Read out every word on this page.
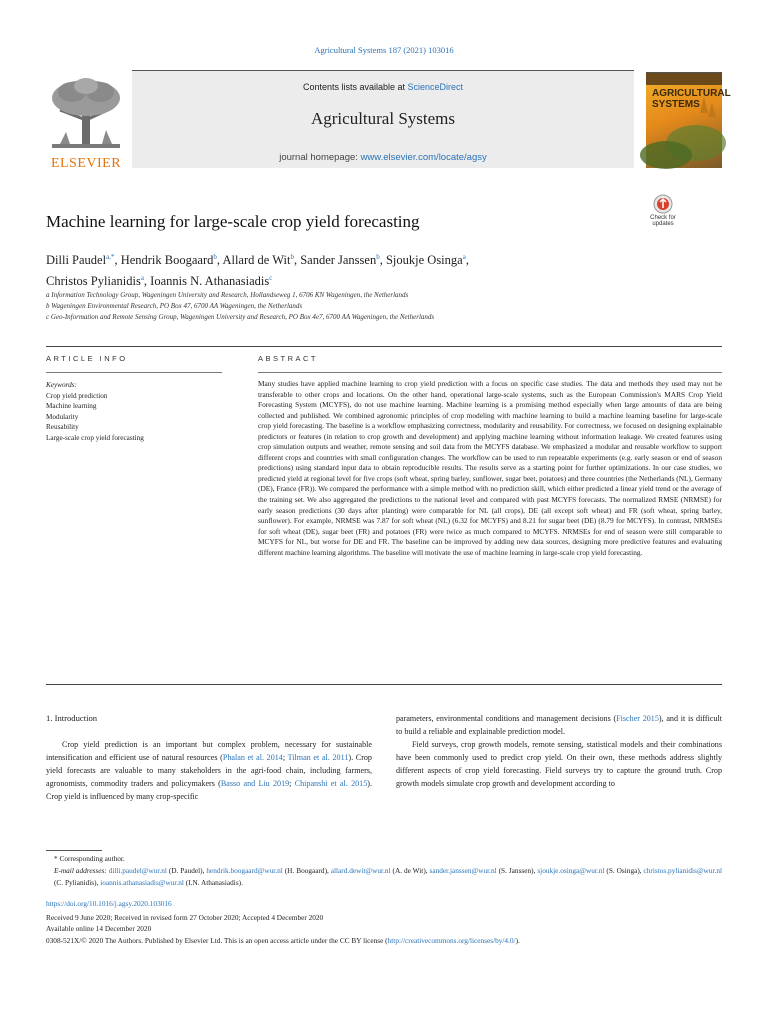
Agricultural Systems 187 (2021) 103016
ELSEVIER
Contents lists available at ScienceDirect
Agricultural Systems
journal homepage: www.elsevier.com/locate/agsy
AGRICULTURAL SYSTEMS
Machine learning for large-scale crop yield forecasting	Check for updates
Dilli Paudel$^{a,*}$, Hendrik Boogaard$^b$, Allard de Wit$^b$, Sander Janssen$^b$, Sjoukje Osinga$^a$,
Christos Pylianidis$^a$, Ioannis N. Athanasiadis$^c$
a Information Technology Group, Wageningen University and Research, Hollandseweg 1, 6706 KN Wageningen, the Netherlands
b Wageningen Environmental Research, PO Box 47, 6700 AA Wageningen, the Netherlands
c Geo-Information and Remote Sensing Group, Wageningen University and Research, PO Box 4e7, 6700 AA Wageningen, the Netherlands
ARTICLE INFO	ABSTRACT
Keywords:
Crop yield prediction
Machine learning
Modularity
Reusability
Large-scale crop yield forecasting
Many studies have applied machine learning to crop yield prediction with a focus on specific case studies. The data and methods they used may not be transferable to other crops and locations. On the other hand, operational large-scale systems, such as the European Commission's MARS Crop Yield Forecasting System (MCYFS), do not use machine learning. Machine learning is a promising method especially when large amounts of data are being collected and published. We combined agronomic principles of crop modeling with machine learning to build a machine learning baseline for large-scale crop yield forecasting. The baseline is a workflow emphasizing correctness, modularity and reusability. For correctness, we focused on designing explainable predictors or features (in relation to crop growth and development) and applying machine learning without information leakage. We created features using crop simulation outputs and weather, remote sensing and soil data from the MCYFS database. We emphasized a modular and reusable workflow to support different crops and countries with small configuration changes. The workflow can be used to run repeatable experiments (e.g. early season or end of season predictions) using standard input data to obtain reproducible results. The results serve as a starting point for further optimizations. In our case studies, we predicted yield at regional level for five crops (soft wheat, spring barley, sunflower, sugar beet, potatoes) and three countries (the Netherlands (NL), Germany (DE), France (FR)). We compared the performance with a simple method with no prediction skill, which either predicted a linear yield trend or the average of the training set. We also aggregated the predictions to the national level and compared with past MCYFS forecasts. The normalized RMSE (NRMSE) for early season predictions (30 days after planting) were comparable for NL (all crops), DE (all except soft wheat) and FR (soft wheat, spring barley, sunflower). For example, NRMSE was 7.87 for soft wheat (NL) (6.32 for MCYFS) and 8.21 for sugar beet (DE) (8.79 for MCYFS). In contrast, NRMSEs for soft wheat (DE), sugar beet (FR) and potatoes (FR) were twice as much compared to MCYFS. NRMSEs for end of season were still comparable to MCYFS for NL, but worse for DE and FR. The baseline can be improved by adding new data sources, designing more predictive features and evaluating different machine learning algorithms. The baseline will motivate the use of machine learning in large-scale crop yield forecasting.
1. Introduction

Crop yield prediction is an important but complex problem, necessary for sustainable intensification and efficient use of natural resources (Phalan et al. 2014; Tilman et al. 2011). Crop yield forecasts are valuable to many stakeholders in the agri-food chain, including farmers, agronomists, commodity traders and policymakers (Basso and Liu 2019; Chipanshi et al. 2015). Crop yield is influenced by many crop-specific

parameters, environmental conditions and management decisions (Fischer 2015), and it is difficult to build a reliable and explainable prediction model.

Field surveys, crop growth models, remote sensing, statistical models and their combinations have been commonly used to predict crop yield. On their own, these methods address slightly different aspects of crop yield forecasting. Field surveys try to capture the ground truth. Crop growth models simulate crop growth and development according to

* Corresponding author.
E-mail addresses: dilli.paudel@wur.nl (D. Paudel), hendrik.boogaard@wur.nl (H. Boogaard), allard.dewit@wur.nl (A. de Wit), sander.janssen@wur.nl (S. Janssen), sjoukje.osinga@wur.nl (S. Osinga), christos.pylianidis@wur.nl (C. Pylianidis), ioannis.athanasiadis@wur.nl (I.N. Athanasiadis).
https://doi.org/10.1016/j.agsy.2020.103016
Received 9 June 2020; Received in revised form 27 October 2020; Accepted 4 December 2020
Available online 14 December 2020
0308-521X/© 2020 The Authors. Published by Elsevier Ltd. This is an open access article under the CC BY license (http://creativecommons.org/licenses/by/4.0/).
